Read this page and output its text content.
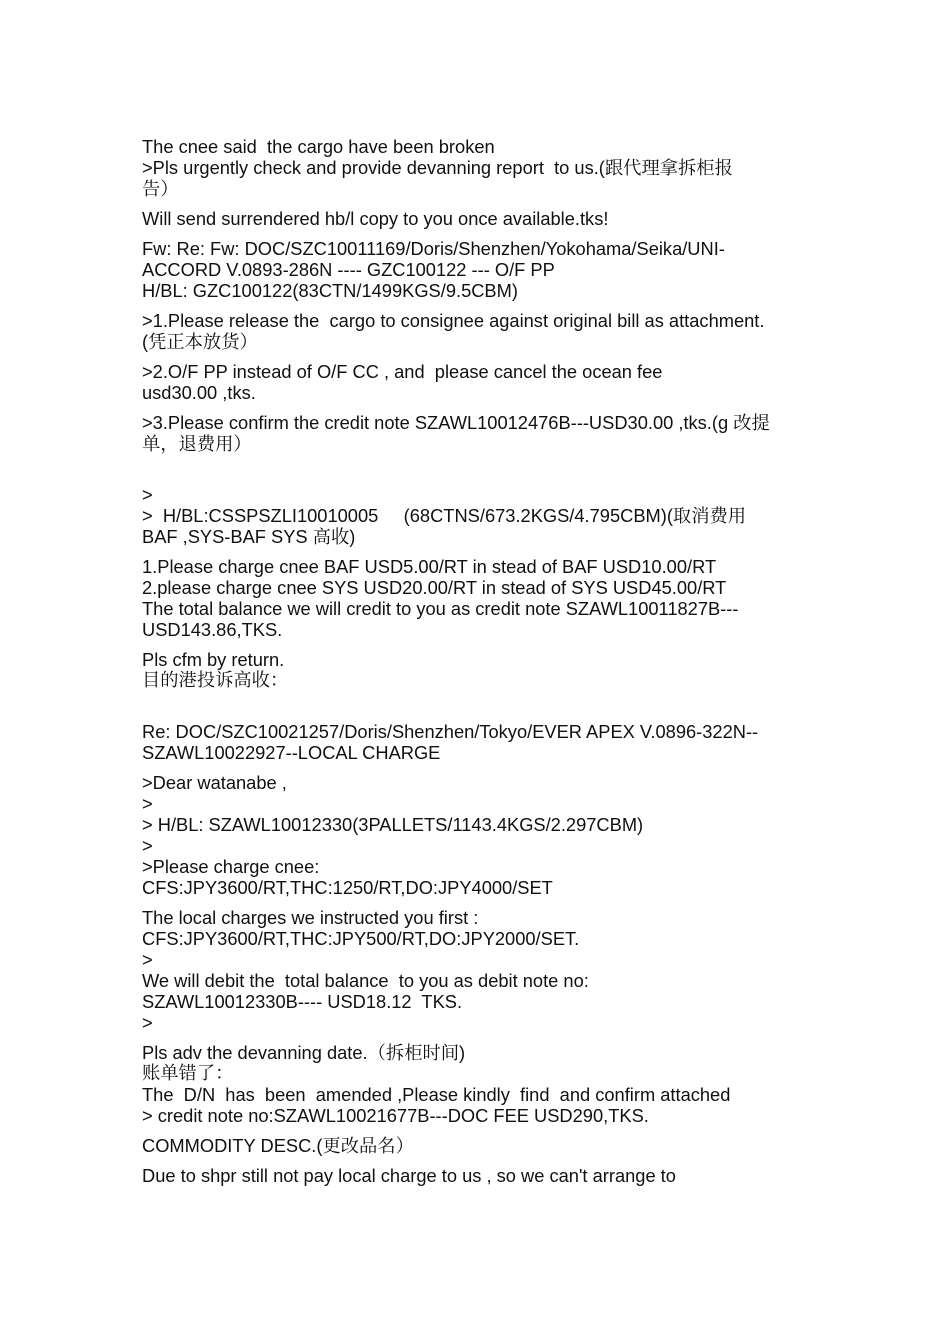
The cnee said  the cargo have been broken

>Pls urgently check and provide devanning report  to us.(跟代理拿拆柜报

告）

Will send surrendered hb/l copy to you once available.tks!

Fw: Re: Fw: DOC/SZC10011169/Doris/Shenzhen/Yokohama/Seika/UNI-

ACCORD V.0893-286N ---- GZC100122 --- O/F PP

H/BL: GZC100122(83CTN/1499KGS/9.5CBM)

>1.Please release the  cargo to consignee against original bill as attachment.

(凭正本放货）

>2.O/F PP instead of O/F CC , and  please cancel the ocean fee

usd30.00 ,tks.

>3.Please confirm the credit note SZAWL10012476B---USD30.00 ,tks.(g 改提

单，退费用）

>

>  H/BL:CSSPSZLI10010005     (68CTNS/673.2KGS/4.795CBM)(取消费用

BAF ,SYS-BAF SYS 高收)

1.Please charge cnee BAF USD5.00/RT in stead of BAF USD10.00/RT

2.please charge cnee SYS USD20.00/RT in stead of SYS USD45.00/RT

The total balance we will credit to you as credit note SZAWL10011827B---

USD143.86,TKS.

Pls cfm by return.

目的港投诉高收：

Re: DOC/SZC10021257/Doris/Shenzhen/Tokyo/EVER APEX V.0896-322N--

SZAWL10022927--LOCAL CHARGE

>Dear watanabe ,

>

> H/BL: SZAWL10012330(3PALLETS/1143.4KGS/2.297CBM)

>

>Please charge cnee:

CFS:JPY3600/RT,THC:1250/RT,DO:JPY4000/SET

The local charges we instructed you first :

CFS:JPY3600/RT,THC:JPY500/RT,DO:JPY2000/SET.

>

We will debit the  total balance  to you as debit note no:

SZAWL10012330B---- USD18.12  TKS.

>

Pls adv the devanning date.（拆柜时间)

账单错了：

The  D/N  has  been  amended ,Please kindly  find  and confirm attached

> credit note no:SZAWL10021677B---DOC FEE USD290,TKS.

COMMODITY DESC.(更改品名）

Due to shpr still not pay local charge to us , so we can't arrange to
